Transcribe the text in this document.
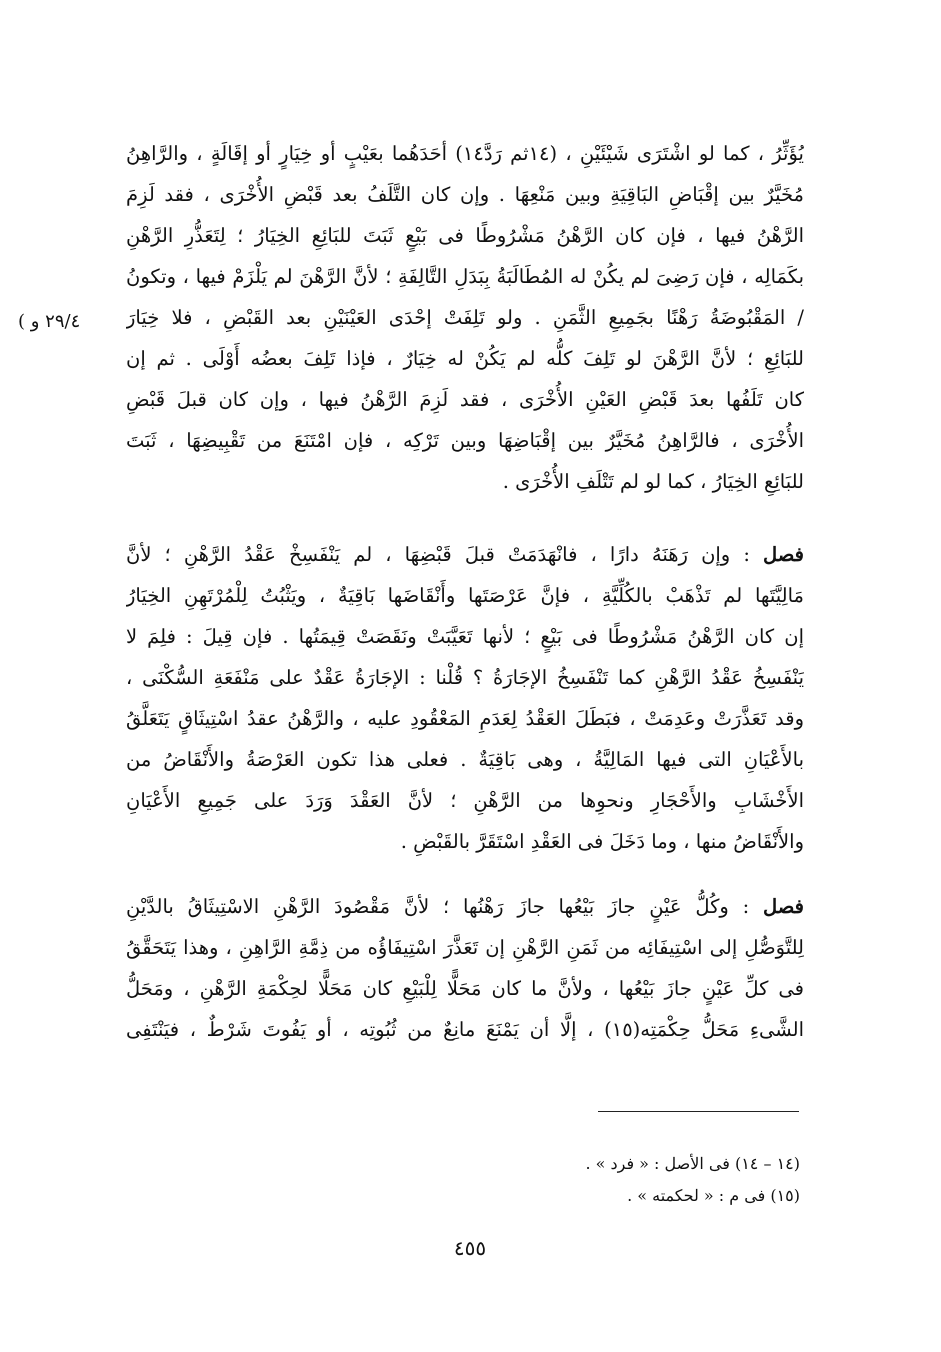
٢٩/٤ و )
يُؤَثِّرُ ، كما لو اشْتَرَى شَيْئَيْنِ ، (١٤ثم رَدَّ١٤) أحَدَهُما بعَيْبٍ أو خِيَارٍ أو إقَالَةٍ ، والرَّاهِنُ
مُخَيَّرٌ بين إقْبَاضِ البَاقِيَةِ وبين مَنْعِهَا . وإن كان التَّلَفُ بعد قَبْضِ الأُخْرَى ، فقد لَزِمَ
الرَّهْنُ فيها ، فإن كان الرَّهْنُ مَشْرُوطًا فى بَيْعٍ ثَبَتَ للبَائِعِ الخِيَارُ ؛ لِتَعَذُّرِ الرَّهْنِ
بكَمَالِه ، فإن رَضِىَ لم يكُنْ له المُطَالَبَةُ بِبَدَلِ التَّالِفَةِ ؛ لأنَّ الرَّهْنَ لم يَلْزَمْ فيها ، وتكونُ
/ المَقْبُوضَةُ رَهْنًا بجَمِيعِ الثَّمَنِ . ولو تَلِفَتْ إحْدَى العَيْنَيْنِ بعد القَبْضِ ، فلا خِيَارَ
للبَائِعِ ؛ لأنَّ الرَّهْنَ لو تَلِفَ كلُّه لم يَكُنْ له خِيَارٌ ، فإذا تَلِفَ بعضُه أَوْلَى . ثم إن
كان تَلَفُها بعدَ قَبْضِ العَيْنِ الأُخْرَى ، فقد لَزِمَ الرَّهْنُ فيها ، وإن كان قبلَ قَبْضِ
الأُخْرَى ، فالرَّاهِنُ مُخَيَّرٌ بين إقْبَاضِهَا وبين تَرْكِه ، فإن امْتَنَعَ من تَقْبِيضِهَا ، ثَبَتَ
للبَائِعِ الخِيَارُ ، كما لو لم تَتْلَفِ الأُخْرَى .
فصل : وإن رَهَنَهُ دارًا ، فانْهَدَمَتْ قبلَ قَبْضِهَا ، لم يَنْفَسِخْ عَقْدُ الرَّهْنِ ؛ لأنَّ
مَالِيَّتَها لم تَذْهَبْ بالكُلِّيَّةِ ، فإنَّ عَرْصَتَها وأَنْقَاضَها بَاقِيَةٌ ، ويَثْبُتُ لِلْمُرْتَهِنِ الخِيَارُ
إن كان الرَّهْنُ مَشْرُوطًا فى بَيْعٍ ؛ لأنها تَعَيَّبَتْ ونَقَصَتْ قِيمَتُها . فإن قِيلَ : فلِمَ لا
يَنْفَسِخُ عَقْدُ الرَّهْنِ كما تَنْفَسِخُ الإجَارَةُ ؟ قُلْنا : الإجَارَةُ عَقْدٌ على مَنْفَعَةِ السُّكْنَى ،
وقد تَعَذَّرَتْ وعَدِمَتْ ، فبَطَلَ العَقْدُ لِعَدَمِ المَعْقُودِ عليه ، والرَّهْنُ عقدُ اسْتِيثَاقٍ يَتَعَلَّقُ
بالأَعْيَانِ التى فيها المَالِيَّةُ ، وهى بَاقِيَةٌ . فعلى هذا تكون العَرْصَةُ والأَنْقَاضُ من
الأَخْشَابِ والأَحْجَارِ ونحوِها من الرَّهْنِ ؛ لأنَّ العَقْدَ وَرَدَ على جَمِيعِ الأَعْيَانِ
والأَنْقَاضُ منها ، وما دَخَلَ فى العَقْدِ اسْتَقَرَّ بالقَبْضِ .
فصل : وكُلُّ عَيْنٍ جازَ بَيْعُها جازَ رَهْنُها ؛ لأنَّ مَقْصُودَ الرَّهْنِ الاسْتِيثَاقُ بالدَّيْنِ
لِلتَّوَصُّلِ إلى اسْتِيفَائِه من ثَمَنِ الرَّهْنِ إن تَعَذَّرَ اسْتِيفَاؤُه من ذِمَّةِ الرَّاهِنِ ، وهذا يَتَحَقَّقُ
فى كلِّ عَيْنٍ جازَ بَيْعُها ، ولأنَّ ما كان مَحَلًّا لِلْبَيْعِ كان مَحَلًّا لحِكْمَةِ الرَّهْنِ ، ومَحَلُّ
الشَّىءِ مَحَلُّ حِكْمَتِه(١٥) ، إلَّا أن يَمْنَعَ مانِعٌ من ثُبُوتِه ، أو يَفُوتَ شَرْطٌ ، فيَنْتَفِى
(١٤ – ١٤) فى الأصل : « فرد » .
(١٥) فى م : « لحكمته » .
٤٥٥
